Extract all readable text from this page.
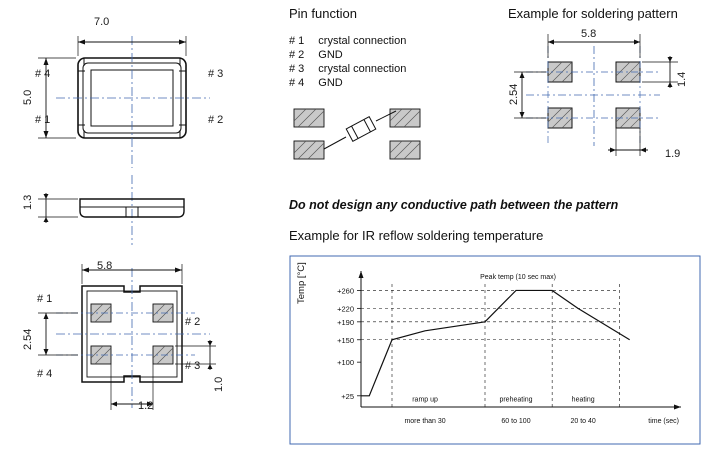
7.0
5.0
# 4	# 3
# 1	# 2
1.3
5.8
2.54
1.2
1.0
# 1
# 2
# 4
# 3
Pin function
# 1	crystal connection
# 2	GND
# 3	crystal connection
# 4	GND
Example for soldering pattern
5.8
2.54
1.4
1.9
Do not design any conductive path between the pattern
Example for IR reflow soldering temperature
+260
+220
+190
+150
+100
+25
Peak temp (10 sec max)
ramp up	preheating	heating
more than 30	60 to 100	20 to 40	time (sec)
Temp [°C]
